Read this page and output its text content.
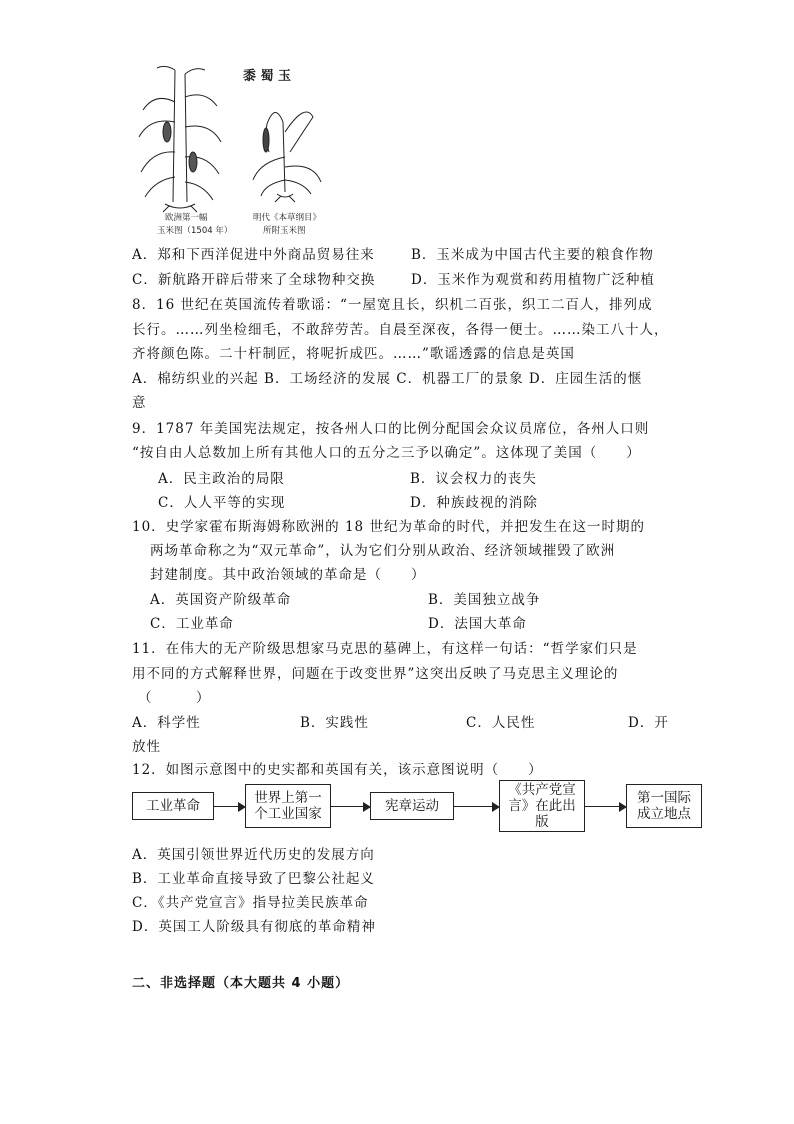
黍 蜀 玉
欧洲第一幅
玉米图（1504 年）
明代《本草纲目》
所附玉米图
A．郑和下西洋促进中外商品贸易往来	B．玉米成为中国古代主要的粮食作物
C．新航路开辟后带来了全球物种交换	D．玉米作为观赏和药用植物广泛种植
8．16 世纪在英国流传着歌谣：“一屋宽且长，织机二百张，织工二百人，排列成
长行。……列坐检细毛，不敢辞劳苦。自晨至深夜，各得一便士。……染工八十人，
齐将颜色陈。二十杆制匠，将呢折成匹。……”歌谣透露的信息是英国
A．棉纺织业的兴起 B．工场经济的发展 C．机器工厂的景象 D．庄园生活的惬
意
9．1787 年美国宪法规定，按各州人口的比例分配国会众议员席位，各州人口则
“按自由人总数加上所有其他人口的五分之三予以确定”。这体现了美国（　　）
A．民主政治的局限	B．议会权力的丧失
C．人人平等的实现	D．种族歧视的消除
10．史学家霍布斯海姆称欧洲的 18 世纪为革命的时代，并把发生在这一时期的
两场革命称之为“双元革命”，认为它们分别从政治、经济领域摧毁了欧洲
封建制度。其中政治领域的革命是（　　）
A．英国资产阶级革命	B．美国独立战争
C．工业革命	D．法国大革命
11．在伟大的无产阶级思想家马克思的墓碑上，有这样一句话：“哲学家们只是
用不同的方式解释世界，问题在于改变世界”这突出反映了马克思主义理论的
（　　　）
A．科学性	B．实践性	C．人民性	D．开
放性
12．如图示意图中的史实都和英国有关，该示意图说明（　　）
工业革命
世界上第一个工业国家
宪章运动
《共产党宣言》在此出版
第一国际成立地点
A．英国引领世界近代历史的发展方向
B．工业革命直接导致了巴黎公社起义
C．《共产党宣言》指导拉美民族革命
D．英国工人阶级具有彻底的革命精神
二、非选择题（本大题共 4 小题）
